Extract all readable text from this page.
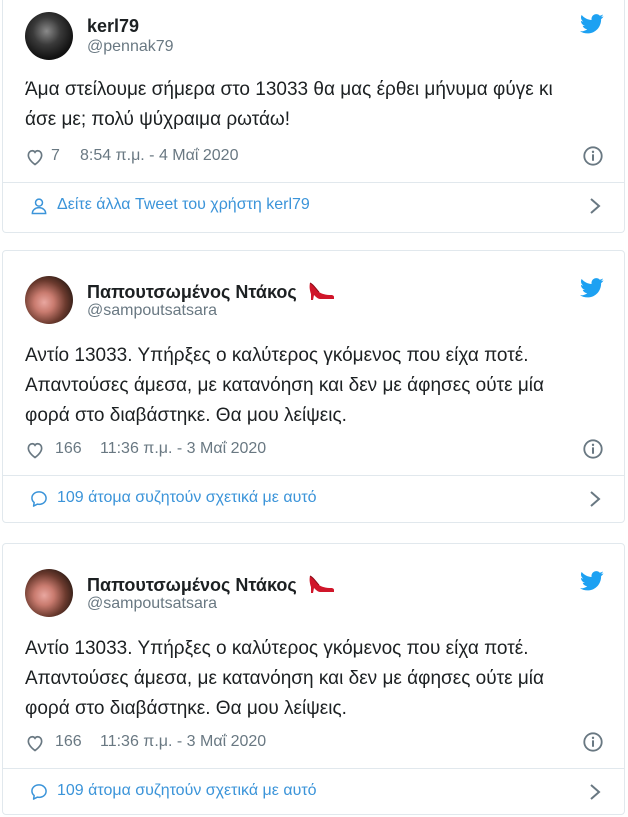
kerl79
@pennak79
Άμα στείλουμε σήμερα στο 13033 θα μας έρθει μήνυμα φύγε κι
άσε με; πολύ ψύχραιμα ρωτάω!
7 8:54 π.μ. - 4 Μαΐ 2020
Δείτε άλλα Tweet του χρήστη kerl79
Παπουτσωμένος Ντάκος
@sampoutsatsara
Αντίο 13033. Υπήρξες ο καλύτερος γκόμενος που είχα ποτέ.
Απαντούσες άμεσα, με κατανόηση και δεν με άφησες ούτε μία
φορά στο διαβάστηκε. Θα μου λείψεις.
166 11:36 π.μ. - 3 Μαΐ 2020
109 άτομα συζητούν σχετικά με αυτό
Παπουτσωμένος Ντάκος
@sampoutsatsara
Αντίο 13033. Υπήρξες ο καλύτερος γκόμενος που είχα ποτέ.
Απαντούσες άμεσα, με κατανόηση και δεν με άφησες ούτε μία
φορά στο διαβάστηκε. Θα μου λείψεις.
166 11:36 π.μ. - 3 Μαΐ 2020
109 άτομα συζητούν σχετικά με αυτό
